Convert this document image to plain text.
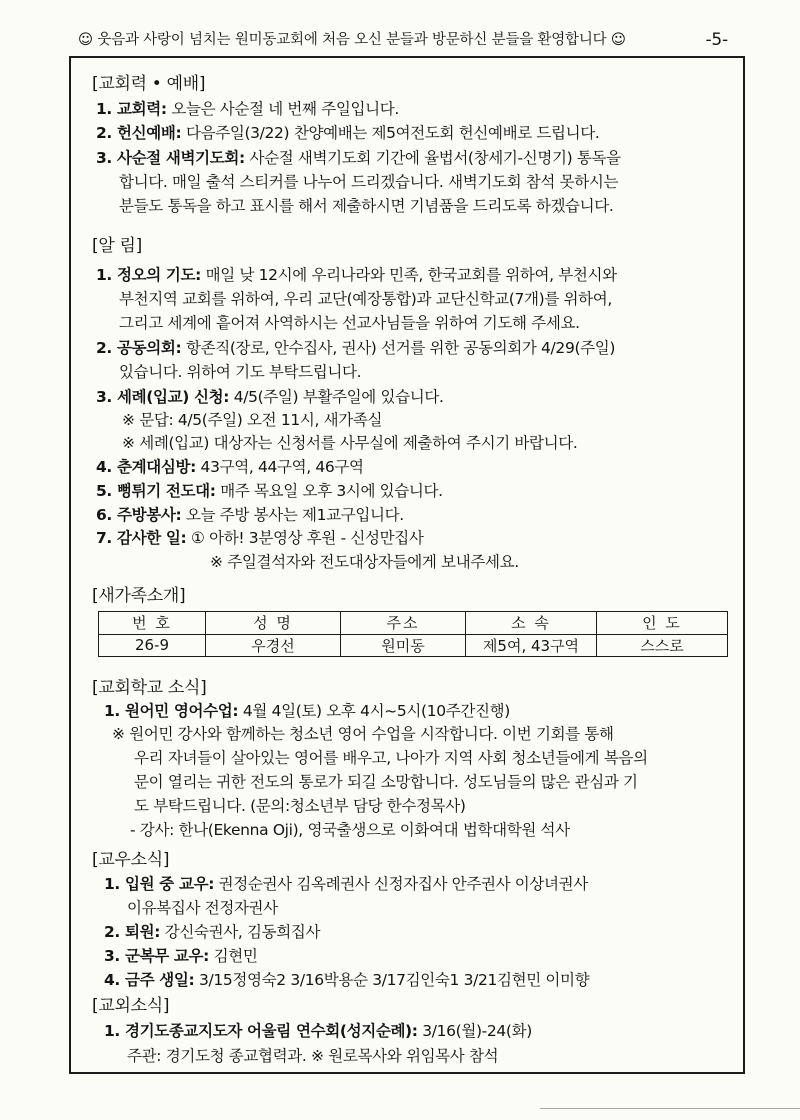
☺ 웃음과 사랑이 넘치는 원미동교회에 처음 오신 분들과 방문하신 분들을 환영합니다 ☺	-5-
[교회력 • 예배]
1. 교회력: 오늘은 사순절 네 번째 주일입니다.
2. 헌신예배: 다음주일(3/22) 찬양예배는 제5여전도회 헌신예배로 드립니다.
3. 사순절 새벽기도회: 사순절 새벽기도회 기간에 율법서(창세기-신명기) 통독을
합니다. 매일 출석 스티커를 나누어 드리겠습니다. 새벽기도회 참석 못하시는
분들도 통독을 하고 표시를 해서 제출하시면 기념품을 드리도록 하겠습니다.
[알 림]
1. 정오의 기도: 매일 낮 12시에 우리나라와 민족, 한국교회를 위하여, 부천시와
부천지역 교회를 위하여, 우리 교단(예장통합)과 교단신학교(7개)를 위하여,
그리고 세계에 흩어져 사역하시는 선교사님들을 위하여 기도해 주세요.
2. 공동의회: 항존직(장로, 안수집사, 권사) 선거를 위한 공동의회가 4/29(주일)
있습니다. 위하여 기도 부탁드립니다.
3. 세례(입교) 신청: 4/5(주일) 부활주일에 있습니다.
※ 문답: 4/5(주일) 오전 11시, 새가족실
※ 세례(입교) 대상자는 신청서를 사무실에 제출하여 주시기 바랍니다.
4. 춘계대심방: 43구역, 44구역, 46구역
5. 뻥튀기 전도대: 매주 목요일 오후 3시에 있습니다.
6. 주방봉사: 오늘 주방 봉사는 제1교구입니다.
7. 감사한 일: ① 아하! 3분영상 후원 - 신성만집사
※ 주일결석자와 전도대상자들에게 보내주세요.
[새가족소개]
번 호	성 명	주소	소 속	인 도
26-9	우경선	원미동	제5여, 43구역	스스로
[교회학교 소식]
1. 원어민 영어수업: 4월 4일(토) 오후 4시~5시(10주간진행)
※ 원어민 강사와 함께하는 청소년 영어 수업을 시작합니다. 이번 기회를 통해
우리 자녀들이 살아있는 영어를 배우고, 나아가 지역 사회 청소년들에게 복음의
문이 열리는 귀한 전도의 통로가 되길 소망합니다. 성도님들의 많은 관심과 기
도 부탁드립니다. (문의:청소년부 담당 한수정목사)
- 강사: 한나(Ekenna Oji), 영국출생으로 이화여대 법학대학원 석사
[교우소식]
1. 입원 중 교우: 권정순권사 김옥례권사 신정자집사 안주권사 이상녀권사
이유복집사 전정자권사
2. 퇴원: 강신숙권사, 김동희집사
3. 군복무 교우: 김현민
4. 금주 생일: 3/15정영숙2 3/16박용순 3/17김인숙1 3/21김현민 이미향
[교외소식]
1. 경기도종교지도자 어울림 연수회(성지순례): 3/16(월)-24(화)
주관: 경기도청 종교협력과. ※ 원로목사와 위임목사 참석
